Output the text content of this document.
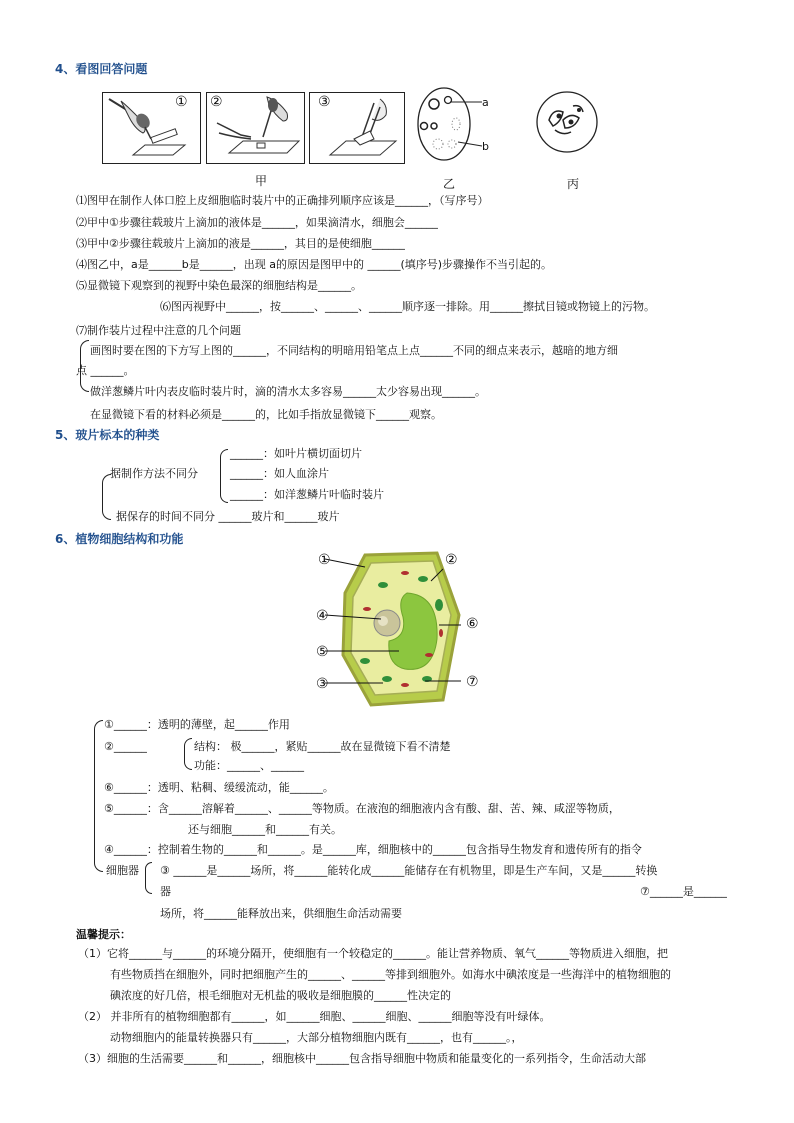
4、看图回答问题
① ②	③	a
b
甲	乙	丙
⑴图甲在制作人体口腔上皮细胞临时装片中的正确排列顺序应该是______，（写序号）
⑵甲中①步骤往载玻片上滴加的液体是______，如果滴清水，细胞会______
⑶甲中②步骤往载玻片上滴加的液是______，其目的是使细胞______
⑷图乙中，a是______b是______，出现 a的原因是图甲中的 ______(填序号)步骤操作不当引起的。
⑸显微镜下观察到的视野中染色最深的细胞结构是______。
⑹图丙视野中______，按______、______、______顺序逐一排除。用______擦拭目镜或物镜上的污物。
⑺制作装片过程中注意的几个问题
画图时要在图的下方写上图的______，不同结构的明暗用铅笔点上点______不同的细点来表示，越暗的地方细
点 ______。
做洋葱鳞片叶内表皮临时装片时，滴的清水太多容易______太少容易出现______。
在显微镜下看的材料必须是______的，比如手指放显微镜下______观察。
5、玻片标本的种类
______：如叶片横切面切片
据制作方法不同分	______：如人血涂片
______：如洋葱鳞片叶临时装片
据保存的时间不同分 ______玻片和______玻片
6、植物细胞结构和功能
①	②
④	⑥
⑤
③	⑦
①______：透明的薄壁，起______作用
②______	结构： 极______，紧贴______故在显微镜下看不清楚
功能：______、______
⑥______：透明、粘稠、缓缓流动，能______。
⑤______：含______溶解着______、______等物质。在液泡的细胞液内含有酸、甜、苦、辣、咸涩等物质，
还与细胞______和______有关。
④______：控制着生物的______和______。是______库，细胞核中的______包含指导生物发育和遗传所有的指令
细胞器 ③ ______是______场所，将______能转化成______能储存在有机物里，即是生产车间，又是______转换
器	⑦______是______
场所，将______能释放出来，供细胞生命活动需要
温馨提示：
（1）它将______与______的环境分隔开，使细胞有一个较稳定的______。能让营养物质、氧气______等物质进入细胞，把
有些物质挡在细胞外，同时把细胞产生的______、______等排到细胞外。如海水中碘浓度是一些海洋中的植物细胞的
碘浓度的好几倍，根毛细胞对无机盐的吸收是细胞膜的______性决定的
（2） 并非所有的植物细胞都有______，如______细胞、______细胞、______细胞等没有叶绿体。
动物细胞内的能量转换器只有______，大部分植物细胞内既有______，也有______。，
（3）细胞的生活需要______和______，细胞核中______包含指导细胞中物质和能量变化的一系列指令，生命活动大部
